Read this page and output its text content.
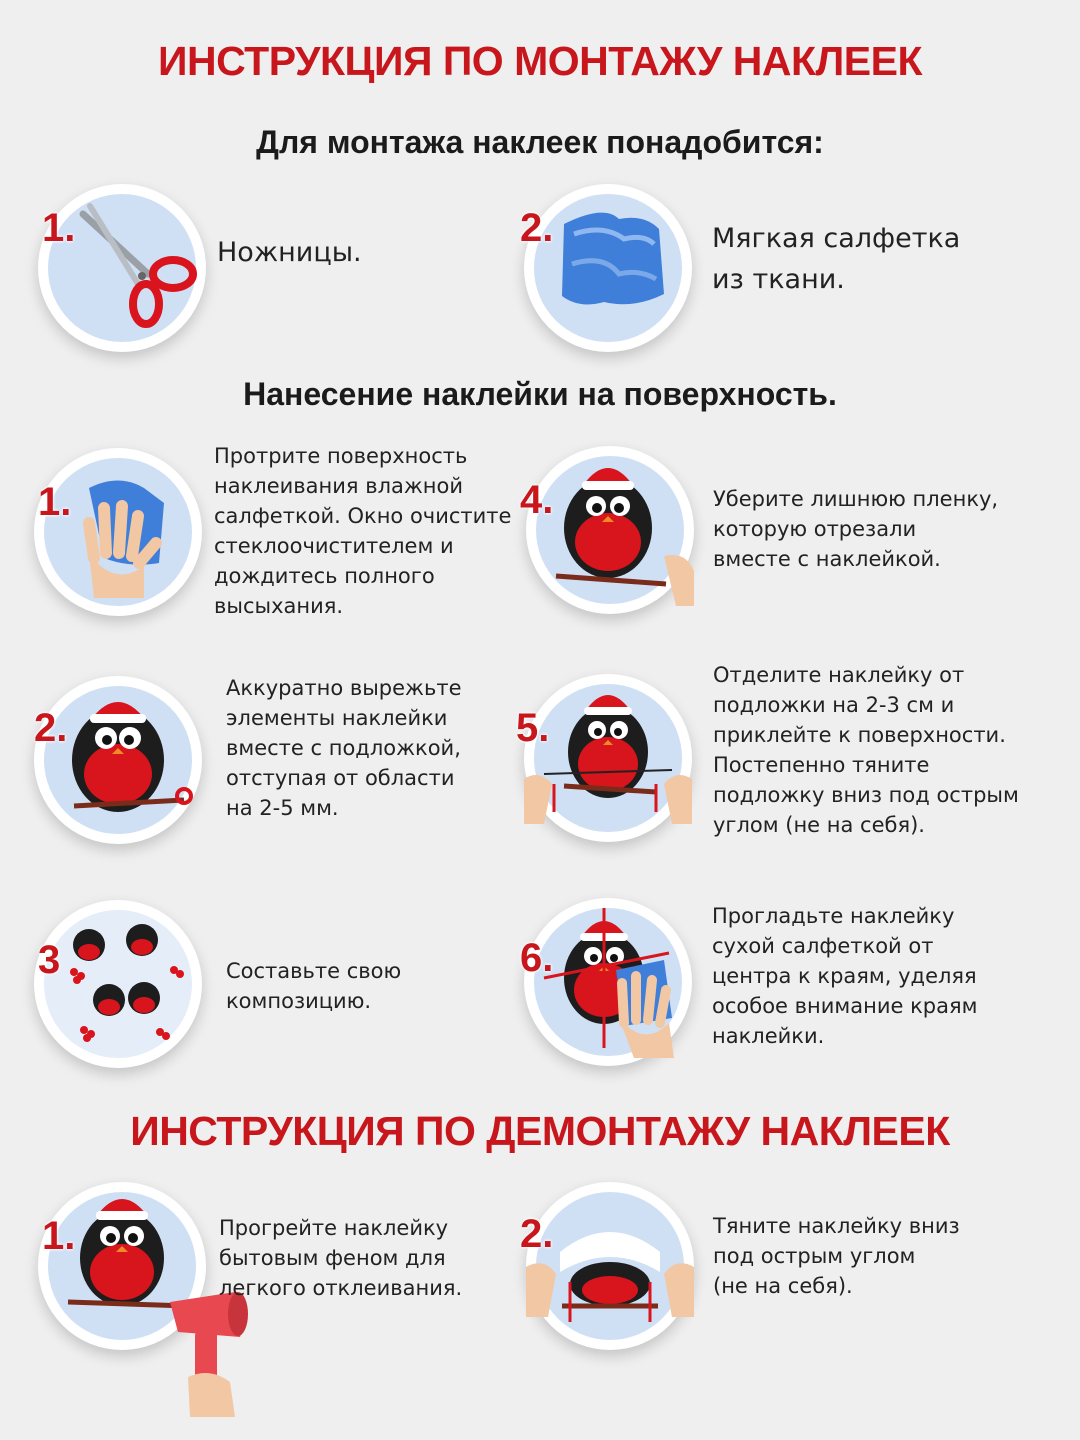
ИНСТРУКЦИЯ ПО МОНТАЖУ НАКЛЕЕК
Для монтажа наклеек понадобится:
1.
Ножницы.
2.	Мягкая салфетка
из ткани.
Нанесение наклейки на поверхность.
1.
Протрите поверхность
наклеивания влажной
салфеткой. Окно очистите
стеклоочистителем и
дождитесь полного
высыхания.
2.
Аккуратно вырежьте
элементы наклейки
вместе с подложкой,
отступая от области
на 2-5 мм.
3	Составьте свою
композицию.
4.	Уберите лишнюю пленку,
которую отрезали
вместе с наклейкой.
5.
Отделите наклейку от
подложки на 2-3 см и
приклейте к поверхности.
Постепенно тяните
подложку вниз под острым
углом (не на себя).
6.
Прогладьте наклейку
сухой салфеткой от
центра к краям, уделяя
особое внимание краям
наклейки.
ИНСТРУКЦИЯ ПО ДЕМОНТАЖУ НАКЛЕЕК
1.	Прогрейте наклейку
бытовым феном для
легкого отклеивания.
2.	Тяните наклейку вниз
под острым углом
(не на себя).
